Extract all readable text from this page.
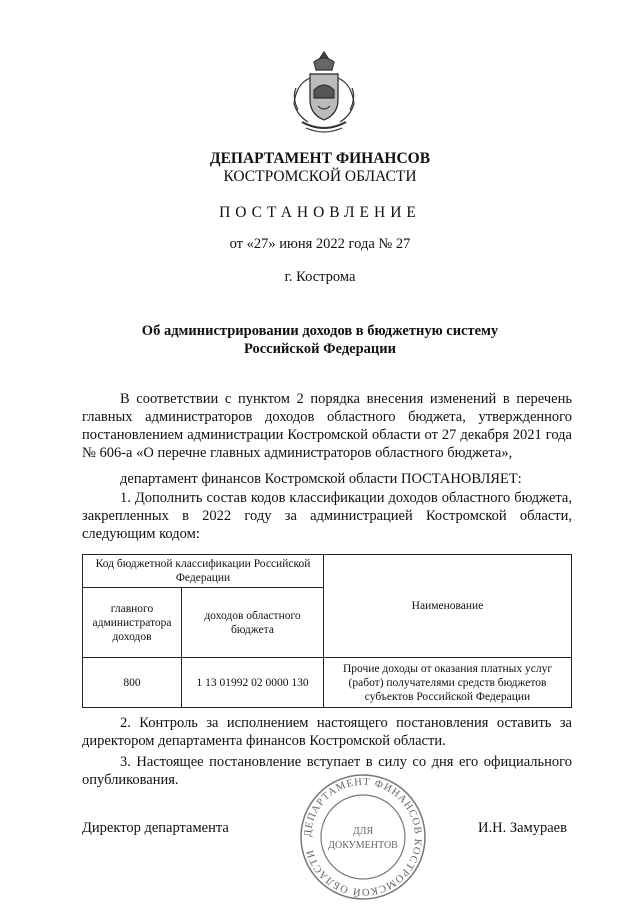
ДЕПАРТАМЕНТ ФИНАНСОВ
КОСТРОМСКОЙ ОБЛАСТИ
ПОСТАНОВЛЕНИЕ
от «27» июня 2022 года № 27
г. Кострома
Об администрировании доходов в бюджетную систему
Российской Федерации
В соответствии с пунктом 2 порядка внесения изменений в перечень главных администраторов доходов областного бюджета, утвержденного постановлением администрации Костромской области от 27 декабря 2021 года № 606-а «О перечне главных администраторов областного бюджета»,
департамент финансов Костромской области ПОСТАНОВЛЯЕТ:
1. Дополнить состав кодов классификации доходов областного бюджета, закрепленных в 2022 году за администрацией Костромской области, следующим кодом:
Код бюджетной классификации Российской Федерации		Наименование
главного администратора доходов	доходов областного бюджета	
800	1 13 01992 02 0000 130	Прочие доходы от оказания платных услуг (работ) получателями средств бюджетов субъектов Российской Федерации
2. Контроль за исполнением настоящего постановления оставить за директором департамента финансов Костромской области.
3. Настоящее постановление вступает в силу со дня его официального опубликования.
ДЕПАРТАМЕНТ ФИНАНСОВ КОСТРОМСКОЙ ОБЛАСТИ
ДЛЯ
ДОКУМЕНТОВ
Директор департамента	И.Н. Замураев
